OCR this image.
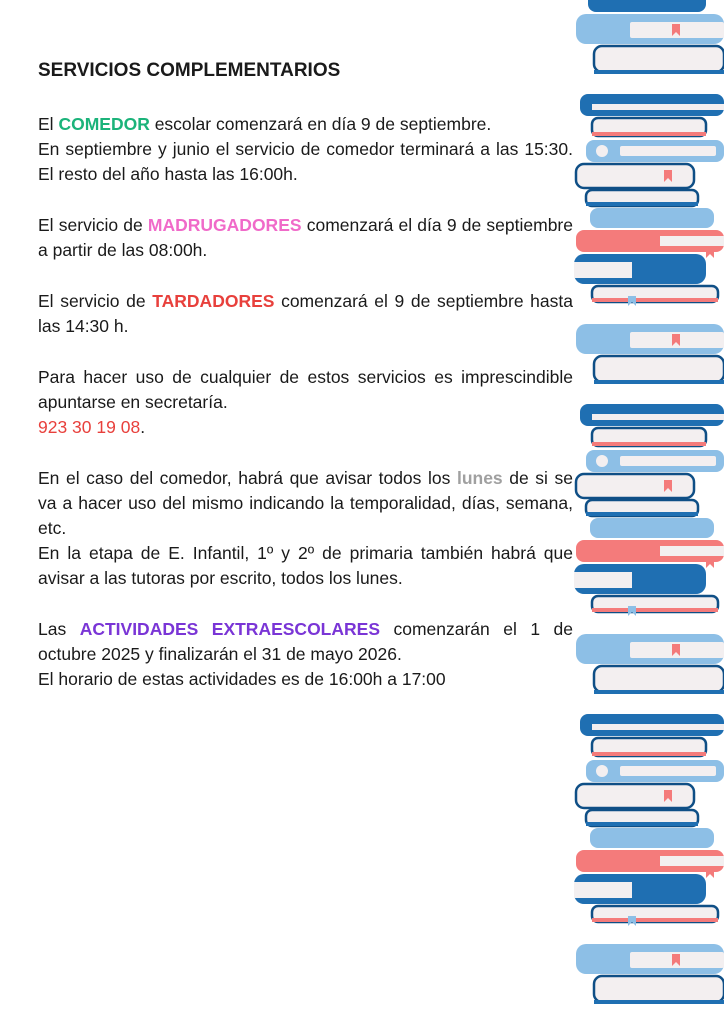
SERVICIOS COMPLEMENTARIOS
El COMEDOR escolar comenzará en día 9 de septiembre.
En septiembre y junio el servicio de comedor terminará a las 15:30. El resto del año hasta las 16:00h.
El servicio de MADRUGADORES comenzará el día 9 de septiembre a partir de las 08:00h.
El servicio de TARDADORES comenzará el 9 de septiembre hasta las 14:30 h.
Para hacer uso de cualquier de estos servicios es imprescindible apuntarse en secretaría.
923 30 19 08.
En el caso del comedor, habrá que avisar todos los lunes de si se va a hacer uso del mismo indicando la temporalidad, días, semana, etc.
En la etapa de E. Infantil, 1º y 2º de primaria también habrá que avisar a las tutoras por escrito, todos los lunes.
Las ACTIVIDADES EXTRAESCOLARES comenzarán el 1 de octubre 2025 y finalizarán el 31 de mayo 2026.
El horario de estas actividades es de 16:00h a 17:00
